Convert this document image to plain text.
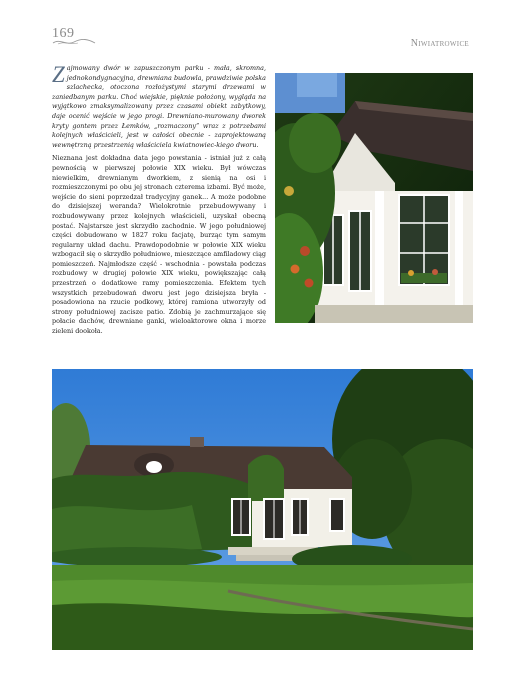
169
Niwiatrowice

Zajmowany dwór w zapuszczonym parku - mała, skromna, jednokondygnacyjna, drewniana budowla, prawdziwie polska szlachecka, otoczona rozłożystymi starymi drzewami w zaniedbanym parku. Choć wiejskie, pięknie położony, wygląda na wyjątkowo zmaksymalizowany przez czasami obiekt zabytkowy, daje ocenić wejście w jego progi. Drewniano-murowany dworek kryty gontem przez Łemków, „rozmaczony” wraz z potrzebami kolejnych właścicieli, jest w całości obecnie - zaprojektowaną wewnętrzną przestrzenią właściciela kwiatnowiec-kiego dworu.

Nieznana jest dokładna data jego powstania - istniał już z całą pewnością w pierwszej połowie XIX wieku. Był wówczas niewielkim, drewnianym dworkiem, z sienią na osi i rozmieszczonymi po obu jej stronach czterema izbami. Być może, wejście do sieni poprzedzał tradycyjny ganek... A może podobne do dzisiejszej weranda? Wielokrotnie przebudowywany i rozbudowywany przez kolejnych właścicieli, uzyskał obecną postać. Najstarsze jest skrzydło zachodnie. W jego południowej części dobudowano w 1827 roku facjatę, burząc tym samym regularny układ dachu. Prawdopodobnie w połowie XIX wieku wzbogacił się o skrzydło południowe, mieszczące amfiladowy ciąg pomieszczeń. Najmłodsze część - wschodnia - powstała podczas rozbudowy w drugiej połowie XIX wieku, powiększając całą przestrzeń o dodatkowe ramy pomieszczenia. Efektem tych wszystkich przebudowań dworu jest jego dzisiejsza bryła - posadowiona na rzucie podkowy, której ramiona utworzyły od strony południowej zacisze patio. Zdobią je zachmurzające się połacie dachów, drewniane ganki, wieloaktorowe okna i morze zieleni dookoła.
